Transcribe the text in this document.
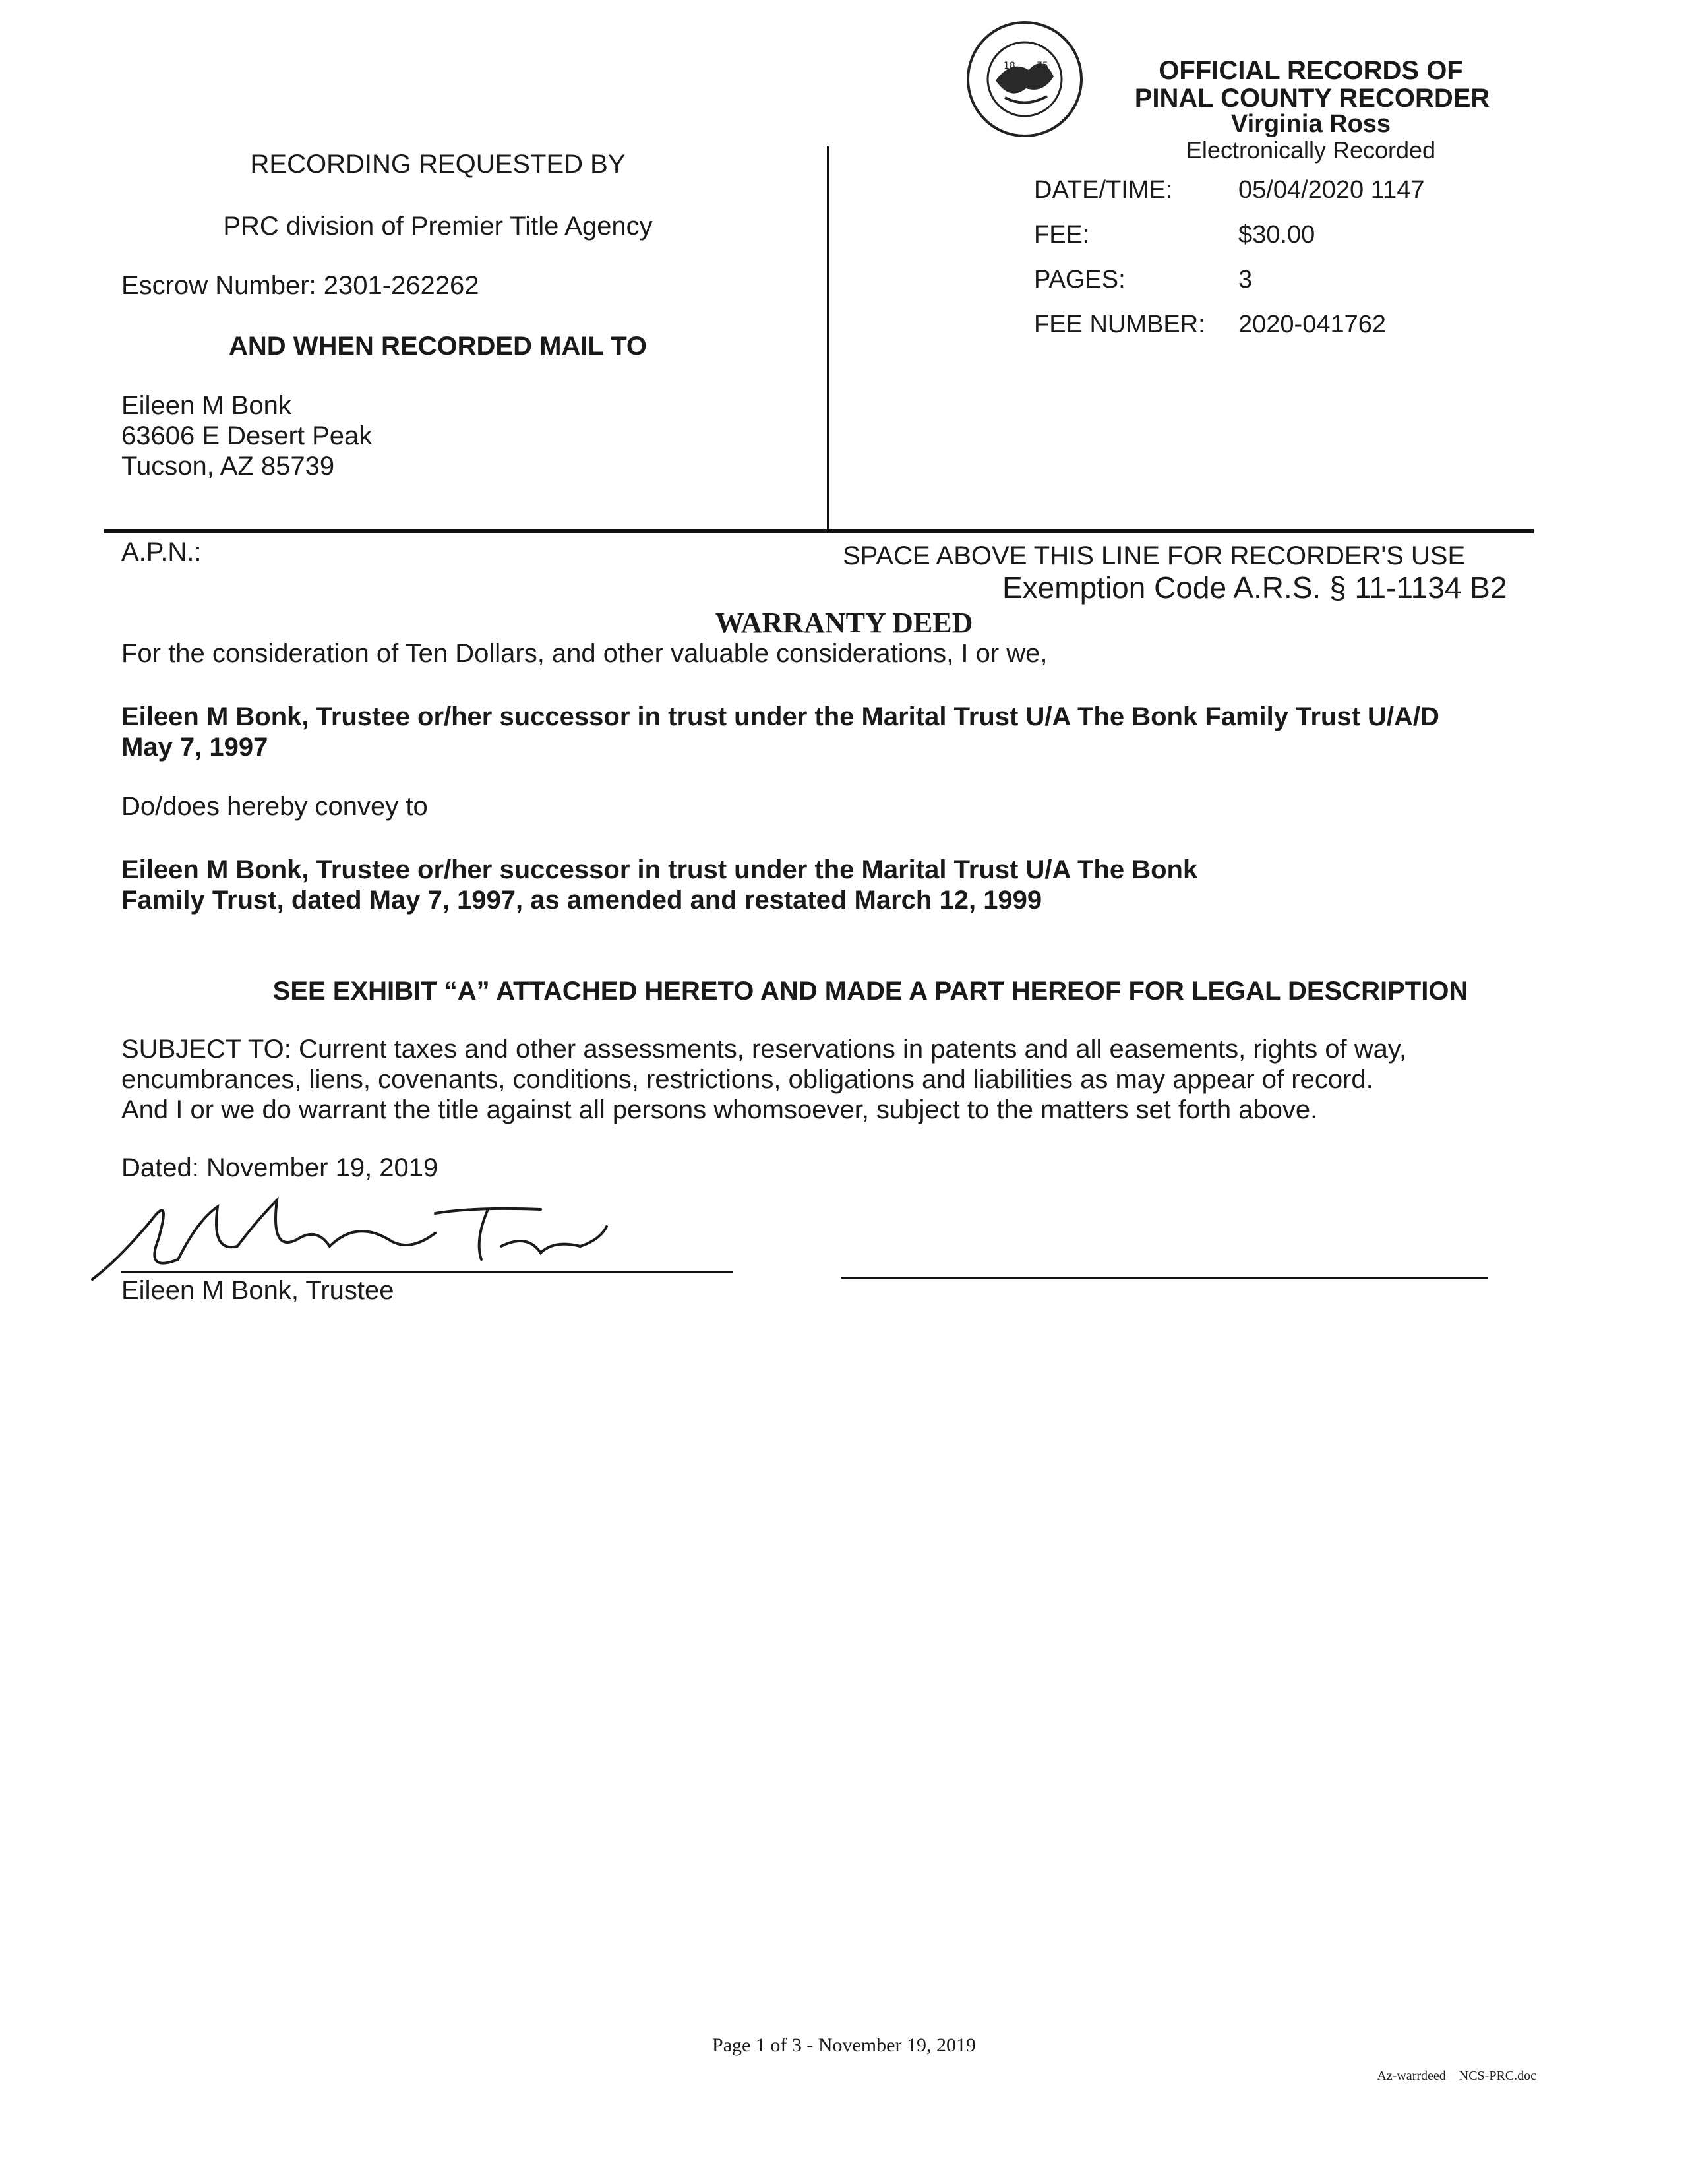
18 75	OFFICIAL RECORDS OF
PINAL COUNTY RECORDER
Virginia Ross
Electronically Recorded
DATE/TIME:	05/04/2020 1147
FEE:	$30.00
PAGES:	3
FEE NUMBER: 2020-041762
RECORDING REQUESTED BY
PRC division of Premier Title Agency
Escrow Number: 2301-262262
AND WHEN RECORDED MAIL TO
Eileen M Bonk
63606 E Desert Peak
Tucson, AZ 85739
A.P.N.:	SPACE ABOVE THIS LINE FOR RECORDER'S USE
Exemption Code A.R.S. § 11-1134 B2
WARRANTY DEED
For the consideration of Ten Dollars, and other valuable considerations, I or we,
Eileen M Bonk, Trustee or/her successor in trust under the Marital Trust U/A The Bonk Family Trust U/A/D
May 7, 1997
Do/does hereby convey to
Eileen M Bonk, Trustee or/her successor in trust under the Marital Trust U/A The Bonk
Family Trust, dated May 7, 1997, as amended and restated March 12, 1999
SEE EXHIBIT “A” ATTACHED HERETO AND MADE A PART HEREOF FOR LEGAL DESCRIPTION
SUBJECT TO: Current taxes and other assessments, reservations in patents and all easements, rights of way,
encumbrances, liens, covenants, conditions, restrictions, obligations and liabilities as may appear of record.
And I or we do warrant the title against all persons whomsoever, subject to the matters set forth above.
Dated: November 19, 2019
Eileen M Bonk, Trustee
Page 1 of 3 - November 19, 2019
Az-warrdeed – NCS-PRC.doc
